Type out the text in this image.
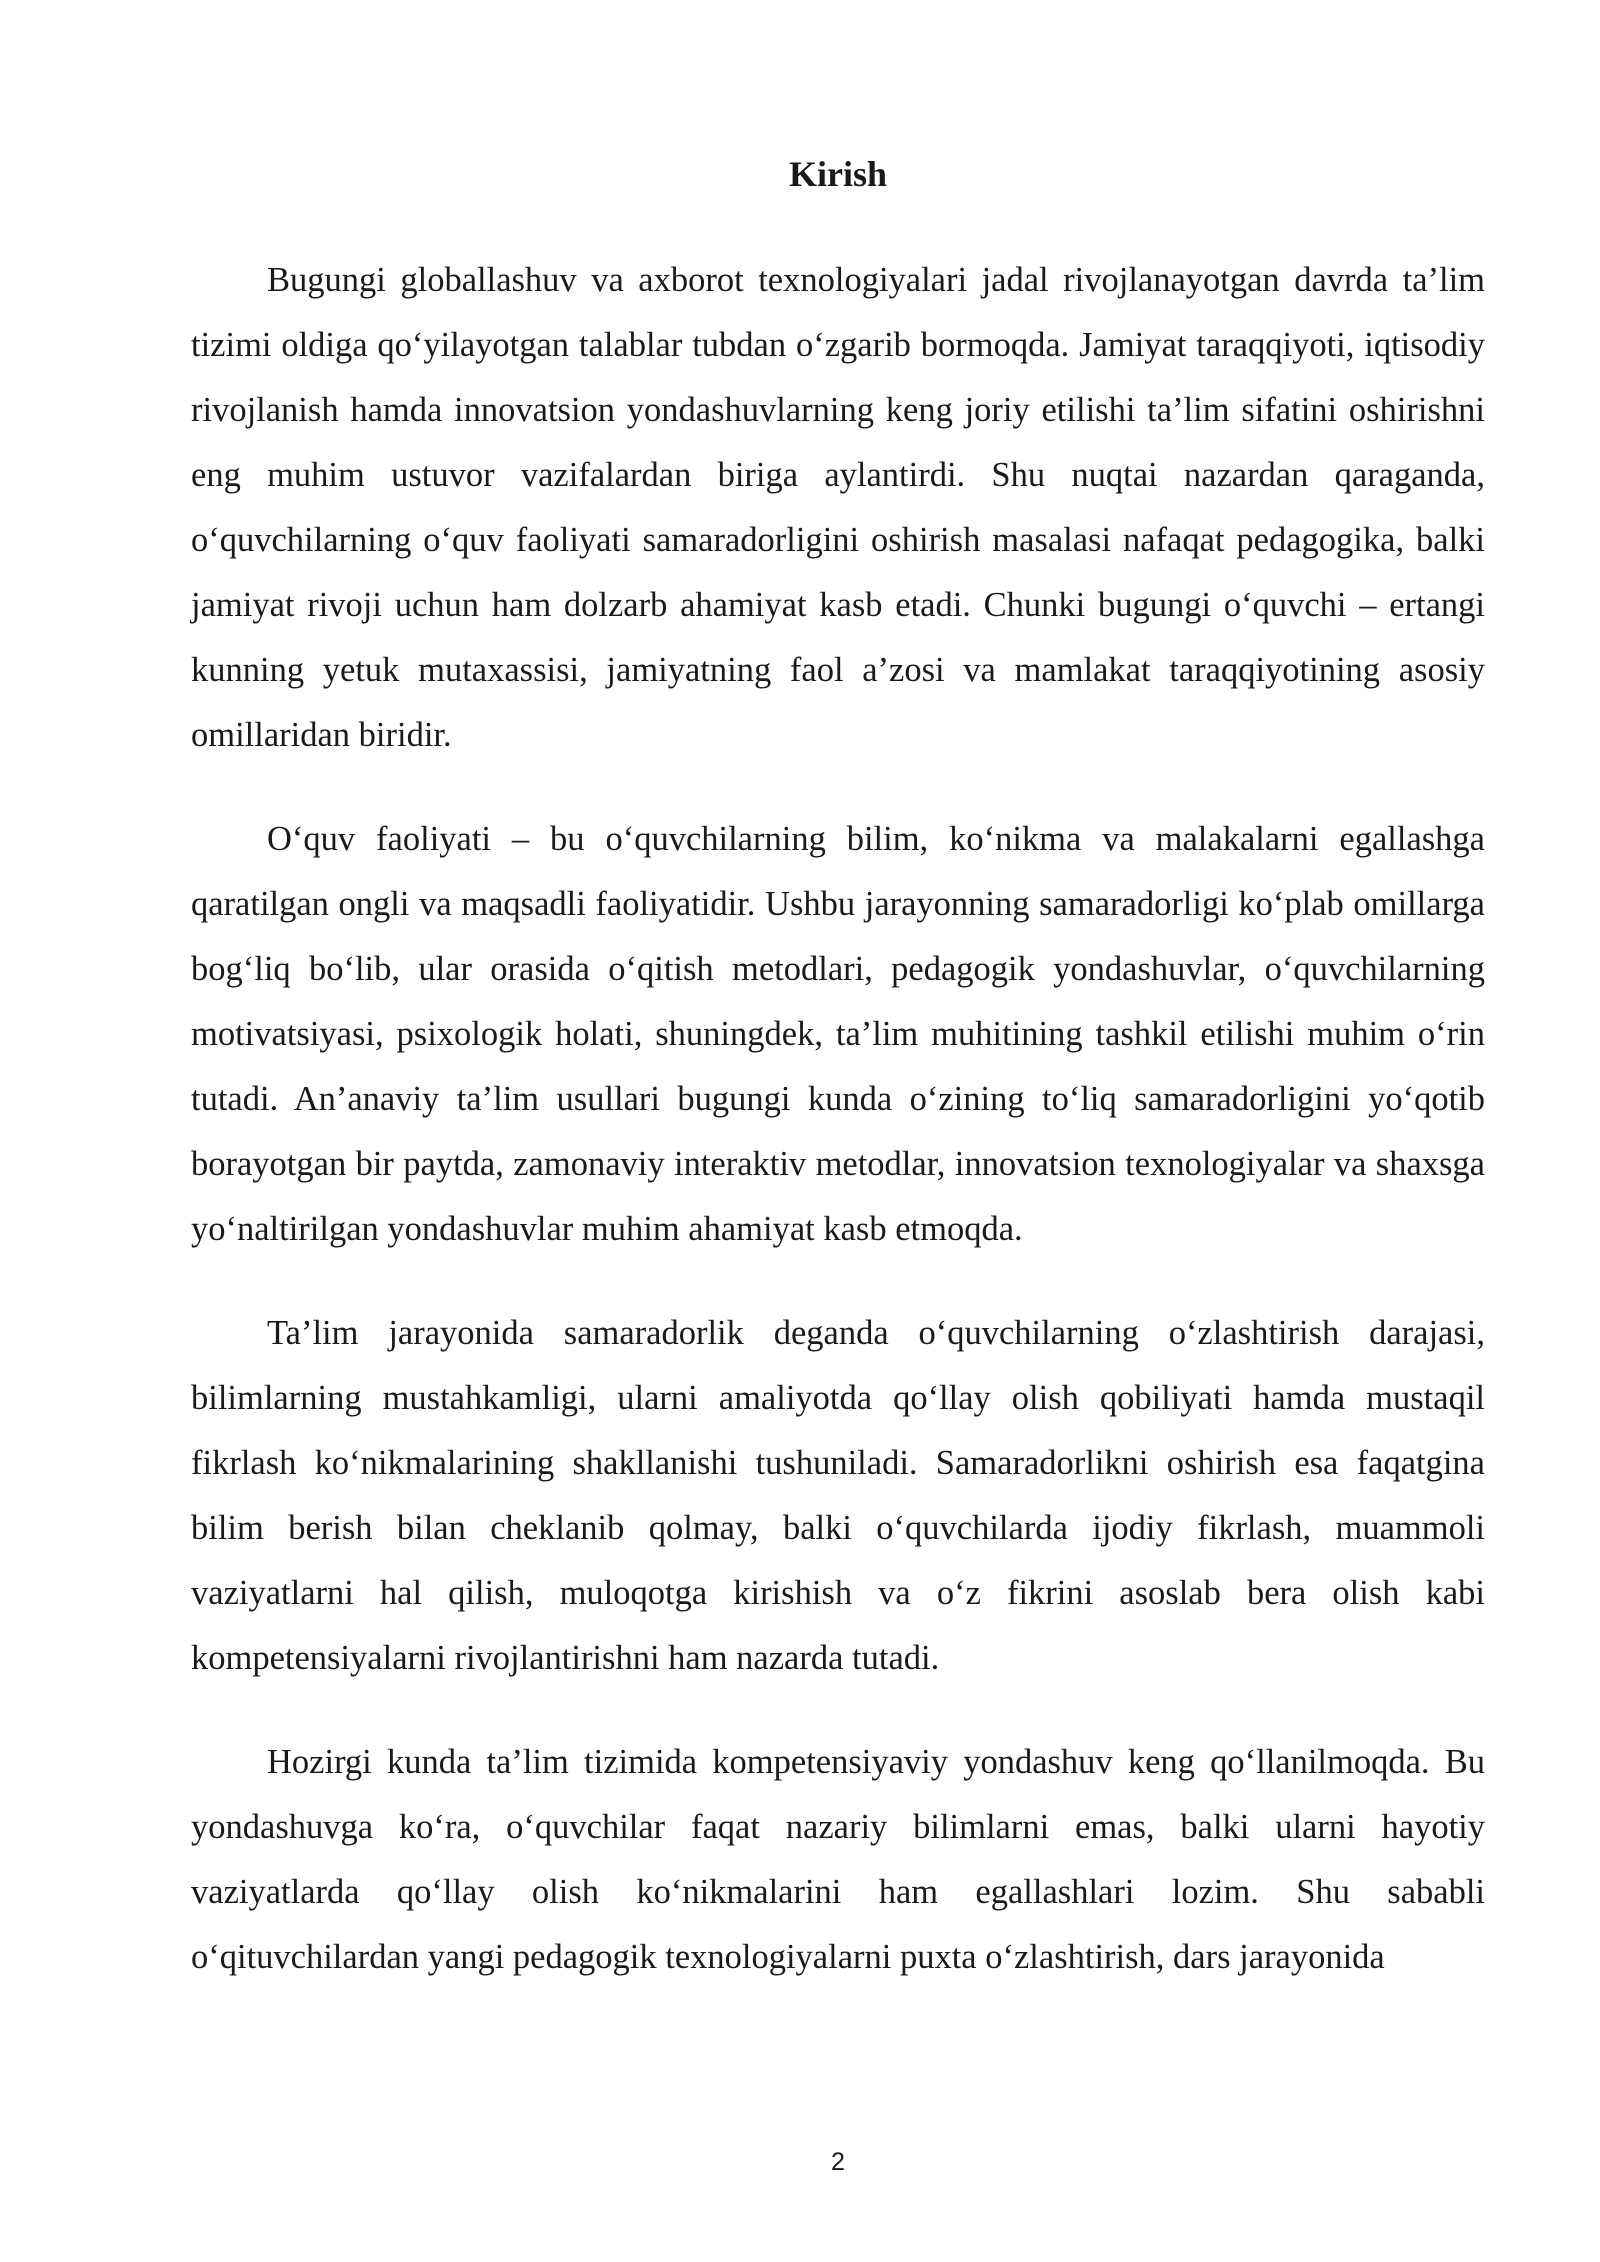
Kirish

Bugungi globallashuv va axborot texnologiyalari jadal rivojlanayotgan davrda ta’lim tizimi oldiga qo‘yilayotgan talablar tubdan o‘zgarib bormoqda. Jamiyat taraqqiyoti, iqtisodiy rivojlanish hamda innovatsion yondashuvlarning keng joriy etilishi ta’lim sifatini oshirishni eng muhim ustuvor vazifalardan biriga aylantirdi. Shu nuqtai nazardan qaraganda, o‘quvchilarning o‘quv faoliyati samaradorligini oshirish masalasi nafaqat pedagogika, balki jamiyat rivoji uchun ham dolzarb ahamiyat kasb etadi. Chunki bugungi o‘quvchi – ertangi kunning yetuk mutaxassisi, jamiyatning faol a’zosi va mamlakat taraqqiyotining asosiy omillaridan biridir.

O‘quv faoliyati – bu o‘quvchilarning bilim, ko‘nikma va malakalarni egallashga qaratilgan ongli va maqsadli faoliyatidir. Ushbu jarayonning samaradorligi ko‘plab omillarga bog‘liq bo‘lib, ular orasida o‘qitish metodlari, pedagogik yondashuvlar, o‘quvchilarning motivatsiyasi, psixologik holati, shuningdek, ta’lim muhitining tashkil etilishi muhim o‘rin tutadi. An’anaviy ta’lim usullari bugungi kunda o‘zining to‘liq samaradorligini yo‘qotib borayotgan bir paytda, zamonaviy interaktiv metodlar, innovatsion texnologiyalar va shaxsga yo‘naltirilgan yondashuvlar muhim ahamiyat kasb etmoqda.

Ta’lim jarayonida samaradorlik deganda o‘quvchilarning o‘zlashtirish darajasi, bilimlarning mustahkamligi, ularni amaliyotda qo‘llay olish qobiliyati hamda mustaqil fikrlash ko‘nikmalarining shakllanishi tushuniladi. Samaradorlikni oshirish esa faqatgina bilim berish bilan cheklanib qolmay, balki o‘quvchilarda ijodiy fikrlash, muammoli vaziyatlarni hal qilish, muloqotga kirishish va o‘z fikrini asoslab bera olish kabi kompetensiyalarni rivojlantirishni ham nazarda tutadi.

Hozirgi kunda ta’lim tizimida kompetensiyaviy yondashuv keng qo‘llanilmoqda. Bu yondashuvga ko‘ra, o‘quvchilar faqat nazariy bilimlarni emas, balki ularni hayotiy vaziyatlarda qo‘llay olish ko‘nikmalarini ham egallashlari lozim. Shu sababli o‘qituvchilardan yangi pedagogik texnologiyalarni puxta o‘zlashtirish, dars jarayonida

2
